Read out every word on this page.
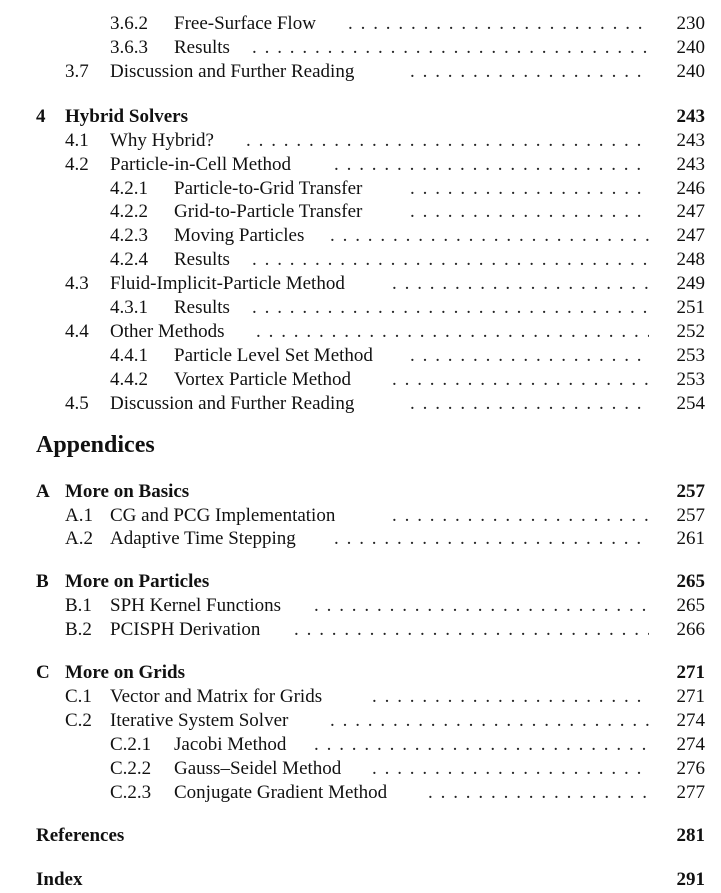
Appendices
3.6.2 Free-Surface Flow . . .	230
3.6.3 Results . . .	240
3.7 Discussion and Further Reading . . .	240
4 Hybrid Solvers	243
4.1 Why Hybrid? . . .	243
4.2 Particle-in-Cell Method . . .	243
4.2.1 Particle-to-Grid Transfer . . .	246
4.2.2 Grid-to-Particle Transfer . . .	247
4.2.3 Moving Particles . . .	247
4.2.4 Results . . .	248
4.3 Fluid-Implicit-Particle Method . . .	249
4.3.1 Results . . .	251
4.4 Other Methods . . .	252
4.4.1 Particle Level Set Method . . .	253
4.4.2 Vortex Particle Method . . .	253
4.5 Discussion and Further Reading . . .	254
A More on Basics	257
A.1 CG and PCG Implementation . . .	257
A.2 Adaptive Time Stepping . . .	261
B More on Particles	265
B.1 SPH Kernel Functions . . .	265
B.2 PCISPH Derivation . . .	266
C More on Grids	271
C.1 Vector and Matrix for Grids . . .	271
C.2 Iterative System Solver . . .	274
C.2.1 Jacobi Method . . .	274
C.2.2 Gauss–Seidel Method . . .	276
C.2.3 Conjugate Gradient Method . . .	277
References	281
Index	291
